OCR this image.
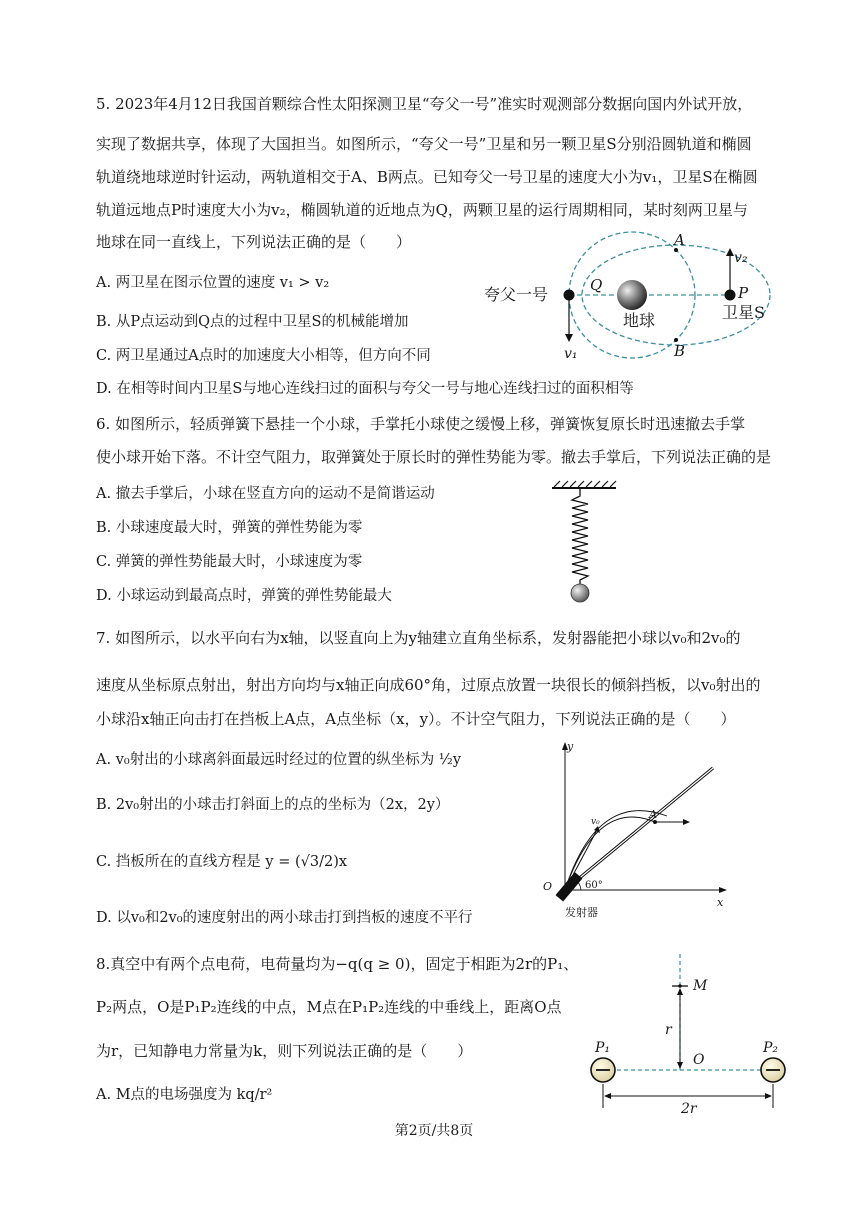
5. 2023年4月12日我国首颗综合性太阳探测卫星“夸父一号”准实时观测部分数据向国内外试开放，
实现了数据共享，体现了大国担当。如图所示，“夸父一号”卫星和另一颗卫星S分别沿圆轨道和椭圆
轨道绕地球逆时针运动，两轨道相交于A、B两点。已知夸父一号卫星的速度大小为v₁，卫星S在椭圆
轨道远地点P时速度大小为v₂，椭圆轨道的近地点为Q，两颗卫星的运行周期相同，某时刻两卫星与
地球在同一直线上，下列说法正确的是（　　）
A. 两卫星在图示位置的速度 v₁ > v₂
B. 从P点运动到Q点的过程中卫星S的机械能增加
C. 两卫星通过A点时的加速度大小相等，但方向不同
D. 在相等时间内卫星S与地心连线扫过的面积与夸父一号与地心连线扫过的面积相等
夸父一号	Q
地球	卫星S
P
A
B
v₂
v₁
6. 如图所示，轻质弹簧下悬挂一个小球，手掌托小球使之缓慢上移，弹簧恢复原长时迅速撤去手掌
使小球开始下落。不计空气阻力，取弹簧处于原长时的弹性势能为零。撤去手掌后，下列说法正确的是
A. 撤去手掌后，小球在竖直方向的运动不是简谐运动
B. 小球速度最大时，弹簧的弹性势能为零
C. 弹簧的弹性势能最大时，小球速度为零
D. 小球运动到最高点时，弹簧的弹性势能最大
7. 如图所示，以水平向右为x轴，以竖直向上为y轴建立直角坐标系，发射器能把小球以v₀和2v₀的
速度从坐标原点射出，射出方向均与x轴正向成60°角，过原点放置一块很长的倾斜挡板，以v₀射出的
小球沿x轴正向击打在挡板上A点，A点坐标（x，y）。不计空气阻力，下列说法正确的是（　　）
A. v₀射出的小球离斜面最远时经过的位置的纵坐标为 ½y
B. 2v₀射出的小球击打斜面上的点的坐标为（2x，2y）
C. 挡板所在的直线方程是 y = (√3/2)x
D. 以v₀和2v₀的速度射出的两小球击打到挡板的速度不平行
y
x
O
A
v₀
60°
发射器
8.真空中有两个点电荷，电荷量均为−q(q ≥ 0)，固定于相距为2r的P₁、
P₂两点，O是P₁P₂连线的中点，M点在P₁P₂连线的中垂线上，距离O点
为r，已知静电力常量为k，则下列说法正确的是（　　）
A. M点的电场强度为 kq/r²
M
r
O
P₁	P₂
2r
第2页/共8页
